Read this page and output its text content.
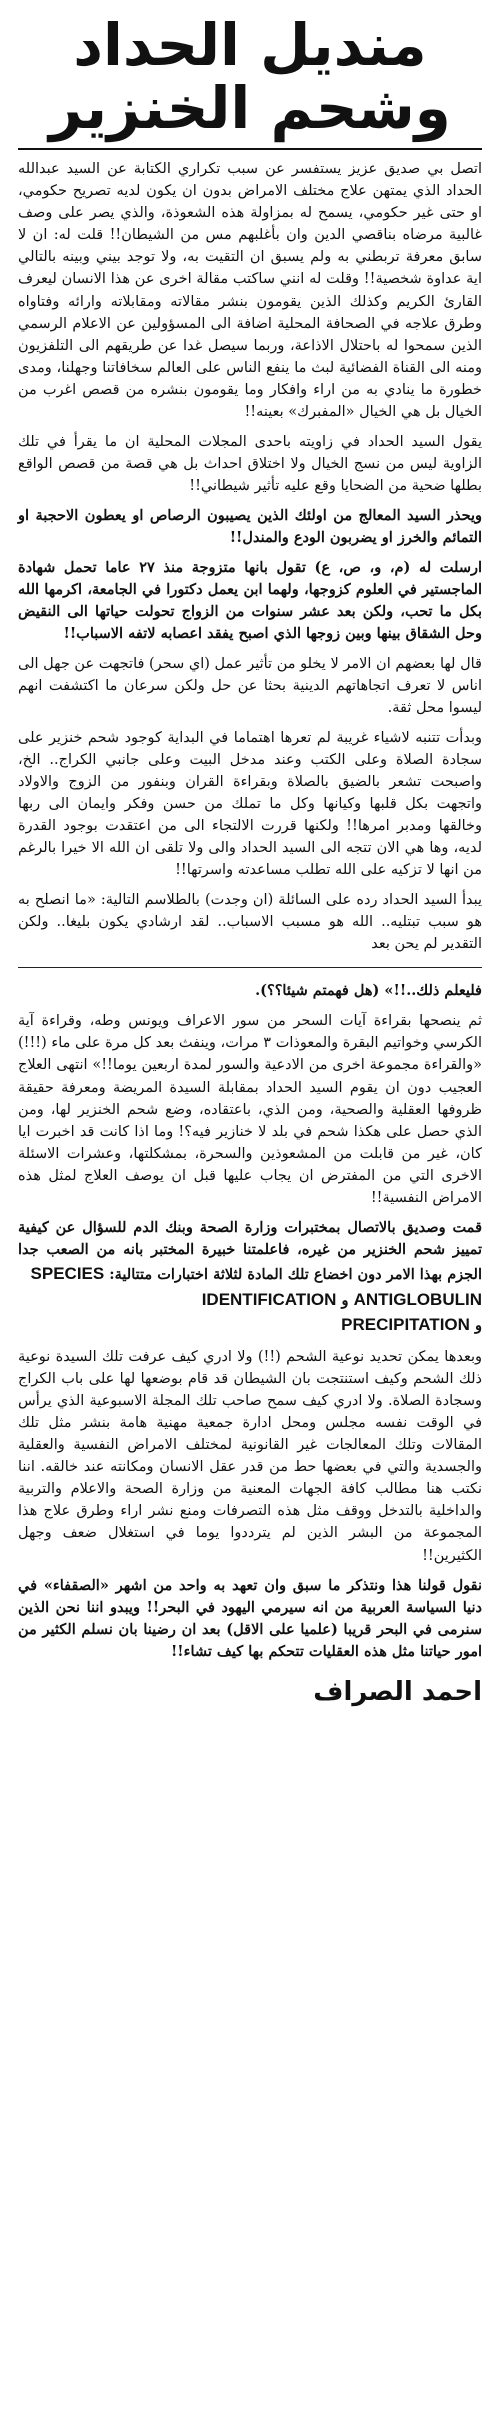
منديل الحداد
وشحم الخنزير

اتصل بي صديق عزيز يستفسر عن سبب تكراري الكتابة عن السيد عبدالله الحداد الذي يمتهن علاج مختلف الامراض بدون ان يكون لديه تصريح حكومي، او حتى غير حكومي، يسمح له بمزاولة هذه الشعوذة، والذي يصر على وصف غالبية مرضاه بناقصي الدين وان بأغلبهم مس من الشيطان!! قلت له: ان لا سابق معرفة تربطني به ولم يسبق ان التقيت به، ولا توجد بيني وبينه بالتالي اية عداوة شخصية!! وقلت له انني ساكتب مقالة اخرى عن هذا الانسان ليعرف القارئ الكريم وكذلك الذين يقومون بنشر مقالاته ومقابلاته وارائه وفتاواه وطرق علاجه في الصحافة المحلية اضافة الى المسؤولين عن الاعلام الرسمي الذين سمحوا له باحتلال الاذاعة، وربما سيصل غدا عن طريقهم الى التلفزيون ومنه الى القناة الفضائية لبث ما ينفع الناس على العالم سخافاتنا وجهلنا، ومدى خطورة ما ينادي به من اراء وافكار وما يقومون بنشره من قصص اغرب من الخيال بل هي الخيال «المفبرك» بعينه!!

يقول السيد الحداد في زاويته باحدى المجلات المحلية ان ما يقرأ في تلك الزاوية ليس من نسج الخيال ولا اختلاق احداث بل هي قصة من قصص الواقع بطلها ضحية من الضحايا وقع عليه تأثير شيطاني!!

ويحذر السيد المعالج من اولئك الذين يصيبون الرصاص او يعطون الاحجبة او التمائم والخرز او يضربون الودع والمندل!!

ارسلت له (م، و، ص، ع) تقول بانها متزوجة منذ ٢٧ عاما تحمل شهادة الماجستير في العلوم كزوجها، ولهما ابن يعمل دكتورا في الجامعة، اكرمها الله بكل ما تحب، ولكن بعد عشر سنوات من الزواج تحولت حياتها الى النقيض وحل الشقاق بينها وبين زوجها الذي اصبح يفقد اعصابه لاتفه الاسباب!!

قال لها بعضهم ان الامر لا يخلو من تأثير عمل (اي سحر) فاتجهت عن جهل الى اناس لا تعرف اتجاهاتهم الدينية بحثا عن حل ولكن سرعان ما اكتشفت انهم ليسوا محل ثقة.

وبدأت تتنبه لاشياء غريبة لم تعرها اهتماما في البداية كوجود شحم خنزير على سجادة الصلاة وعلى الكتب وعند مدخل البيت وعلى جانبي الكراج.. الخ، واصبحت تشعر بالضيق بالصلاة وبقراءة القران وبنفور من الزوج والاولاد واتجهت بكل قلبها وكيانها وكل ما تملك من حسن وفكر وايمان الى ربها وخالقها ومدبر امرها!! ولكنها قررت الالتجاء الى من اعتقدت بوجود القدرة لديه، وها هي الان تتجه الى السيد الحداد والى ولا تلقى ان الله الا خيرا بالرغم من انها لا تزكيه على الله تطلب مساعدته واسرتها!!

يبدأ السيد الحداد رده على السائلة (ان وجدت) بالطلاسم التالية: «ما انصلح به هو سبب تبتليه.. الله هو مسبب الاسباب.. لقد ارشادي يكون بليغا.. ولكن التقدير لم يحن بعد

فليعلم ذلك..!!» (هل فهمتم شيئا؟؟).

ثم ينصحها بقراءة آيات السحر من سور الاعراف ويونس وطه، وقراءة آية الكرسي وخواتيم البقرة والمعوذات ٣ مرات، وينفث بعد كل مرة على ماء (!!!) «والقراءة مجموعة اخرى من الادعية والسور لمدة اربعين يوما!!» انتهى العلاج العجيب دون ان يقوم السيد الحداد بمقابلة السيدة المريضة ومعرفة حقيقة ظروفها العقلية والصحية، ومن الذي، باعتقاده، وضع شحم الخنزير لها، ومن الذي حصل على هكذا شحم في بلد لا خنازير فيه؟! وما اذا كانت قد اخبرت ايا كان، غير من قابلت من المشعوذين والسحرة، بمشكلتها، وعشرات الاسئلة الاخرى التي من المفترض ان يجاب عليها قبل ان يوصف العلاج لمثل هذه الامراض النفسية!!

قمت وصديق بالاتصال بمختبرات وزارة الصحة وبنك الدم للسؤال عن كيفية تمييز شحم الخنزير من غيره، فاعلمتنا خبيرة المختبر بانه من الصعب جدا الجزم بهذا الامر دون اخضاع تلك المادة لثلاثة اختبارات متتالية: SPECIES
ANTIGLOBULIN و IDENTIFICATION
و PRECIPITATION

وبعدها يمكن تحديد نوعية الشحم (!!) ولا ادري كيف عرفت تلك السيدة نوعية ذلك الشحم وكيف استنتجت بان الشيطان قد قام بوضعها لها على باب الكراج وسجادة الصلاة. ولا ادري كيف سمح صاحب تلك المجلة الاسبوعية الذي يرأس في الوقت نفسه مجلس ومحل ادارة جمعية مهنية هامة بنشر مثل تلك المقالات وتلك المعالجات غير القانونية لمختلف الامراض النفسية والعقلية والجسدية والتي في بعضها حط من قدر عقل الانسان ومكانته عند خالقه. اننا نكتب هنا مطالب كافة الجهات المعنية من وزارة الصحة والاعلام والتربية والداخلية بالتدخل ووقف مثل هذه التصرفات ومنع نشر اراء وطرق علاج هذا المجموعة من البشر الذين لم يترددوا يوما في استغلال ضعف وجهل الكثيرين!!

نقول قولنا هذا ونتذكر ما سبق وان تعهد به واحد من اشهر «الصقفاء» في دنيا السياسة العربية من انه سيرمي اليهود في البحر!! ويبدو اننا نحن الذين سنرمى في البحر قريبا (علميا على الاقل) بعد ان رضينا بان نسلم الكثير من امور حياتنا مثل هذه العقليات تتحكم بها كيف تشاء!!

احمد الصراف
